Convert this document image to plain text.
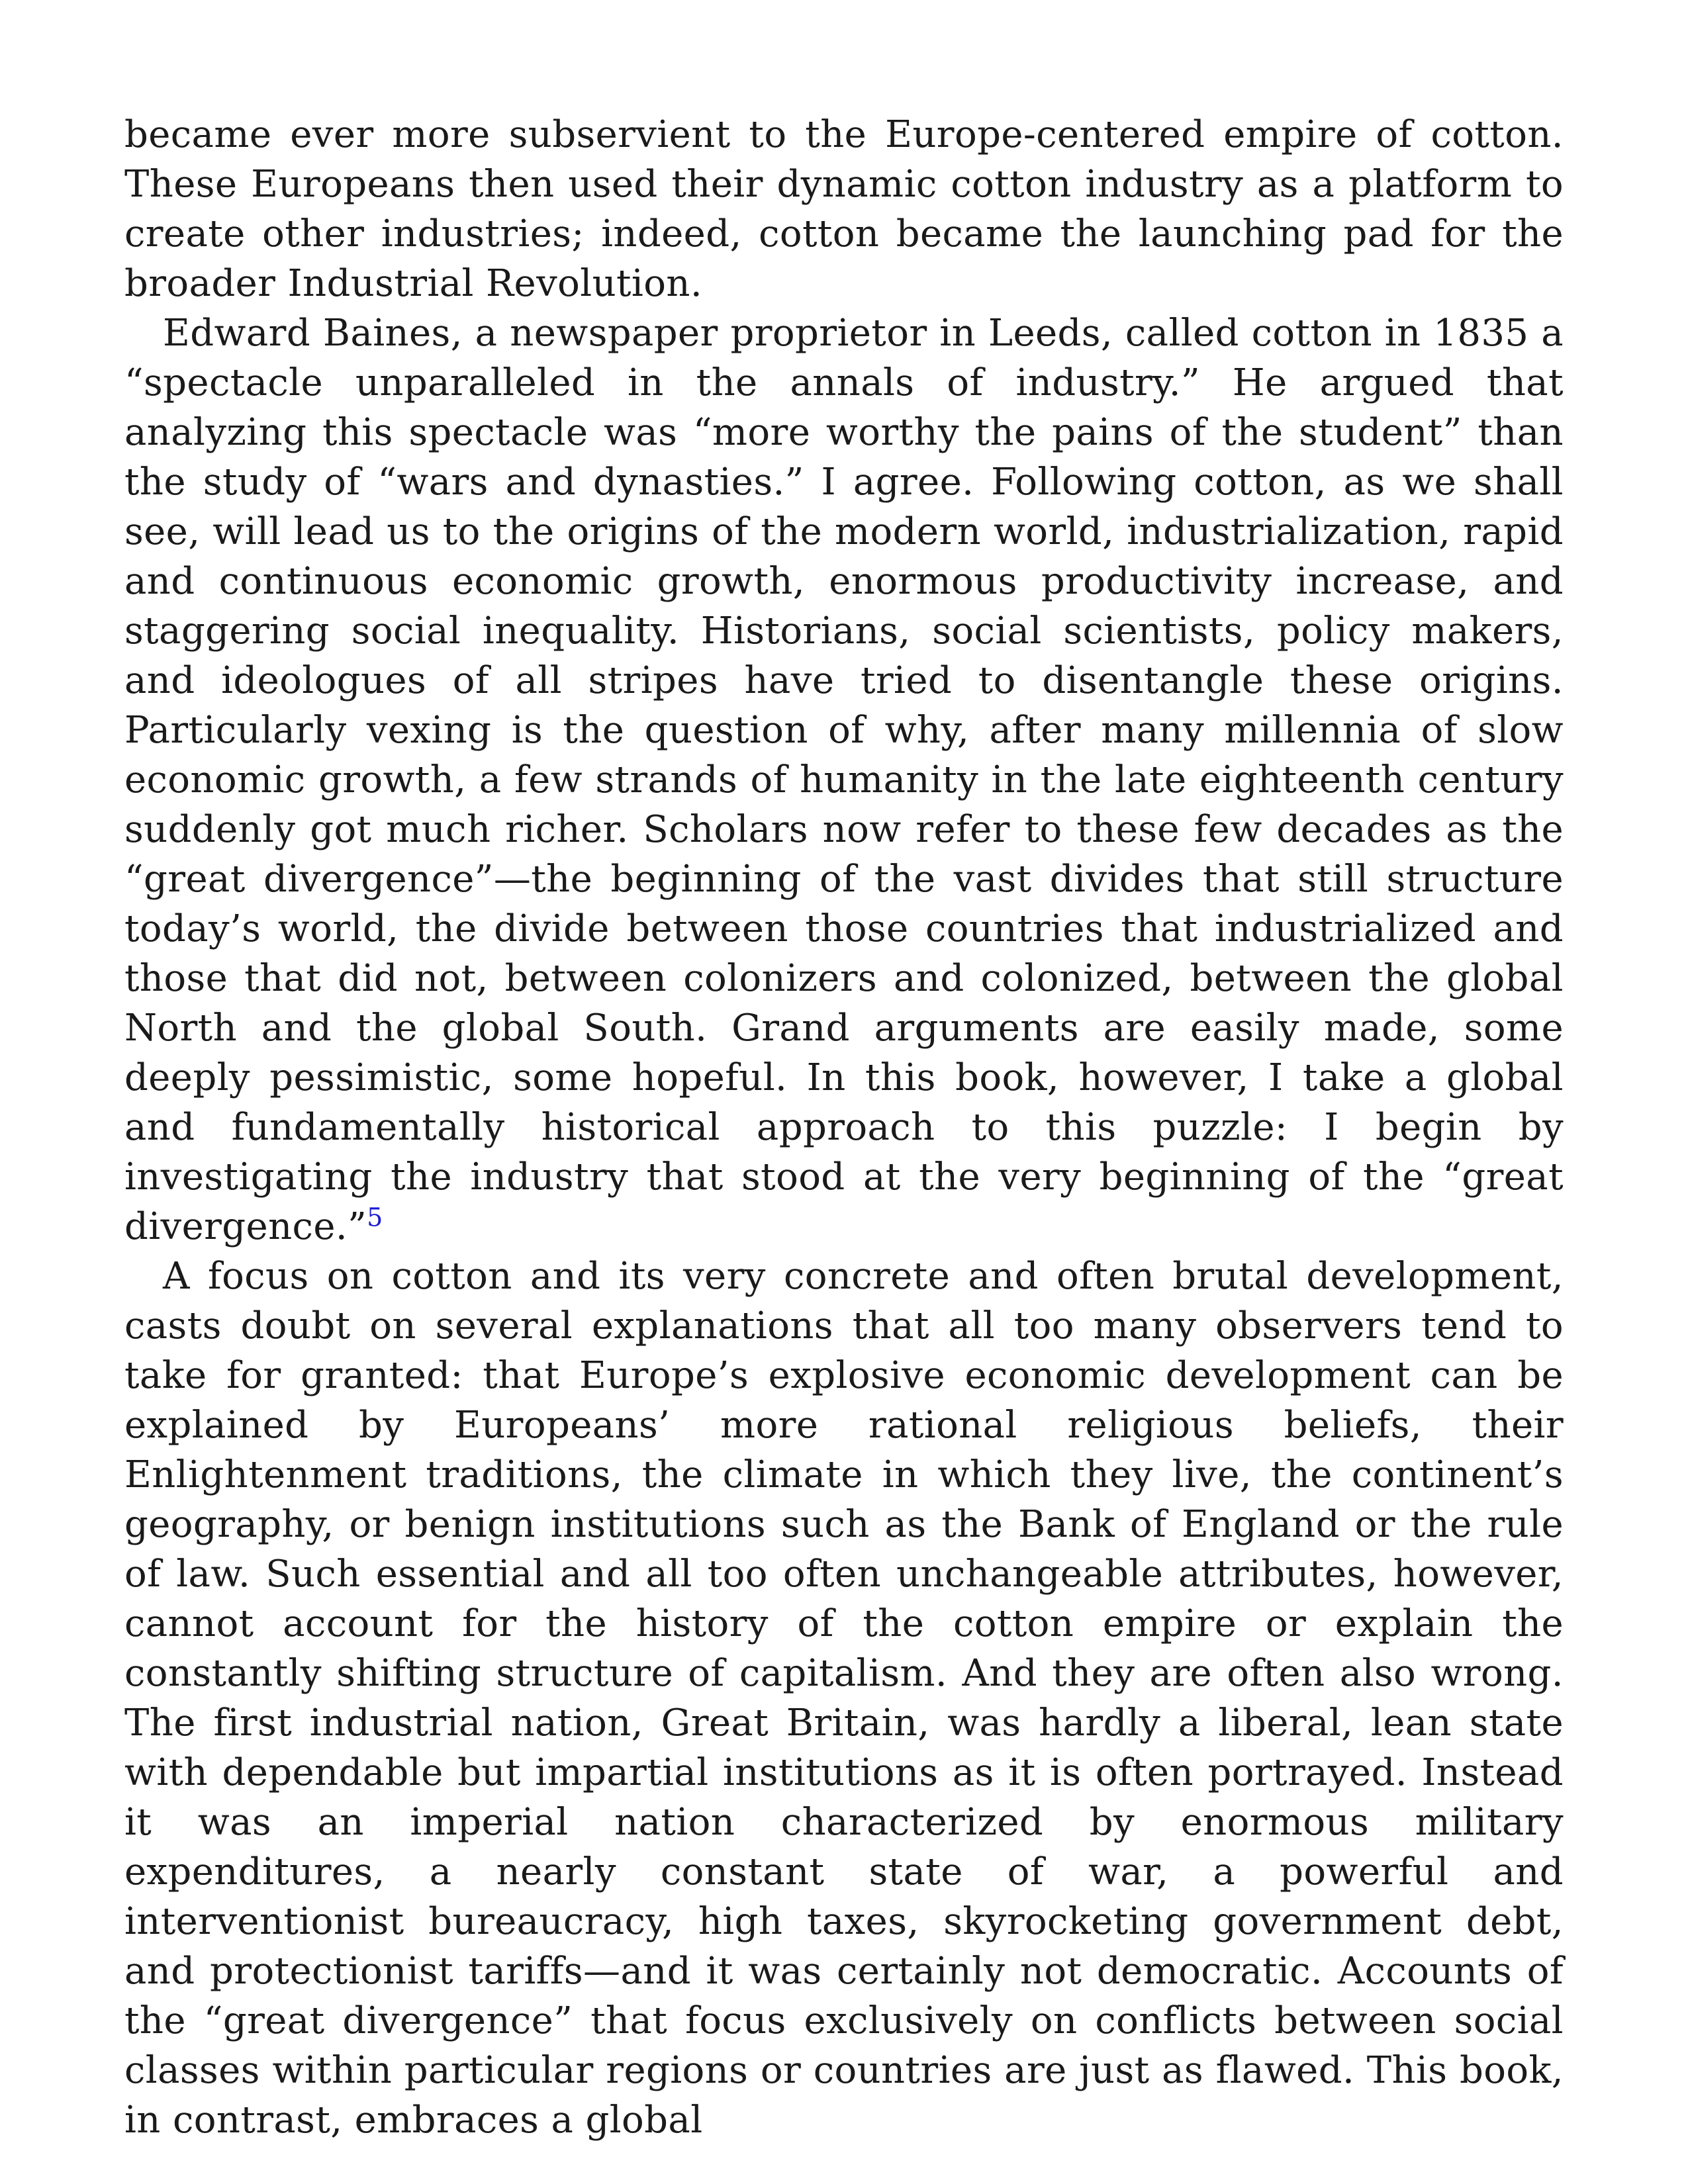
became ever more subservient to the Europe-centered empire of cotton. These Europeans then used their dynamic cotton industry as a platform to create other industries; indeed, cotton became the launching pad for the broader Industrial Revolution.

Edward Baines, a newspaper proprietor in Leeds, called cotton in 1835 a “spectacle unparalleled in the annals of industry.” He argued that analyzing this spectacle was “more worthy the pains of the student” than the study of “wars and dynasties.” I agree. Following cotton, as we shall see, will lead us to the origins of the modern world, industrialization, rapid and continuous economic growth, enormous productivity increase, and staggering social inequality. Historians, social scientists, policy makers, and ideologues of all stripes have tried to disentangle these origins. Particularly vexing is the question of why, after many millennia of slow economic growth, a few strands of humanity in the late eighteenth century suddenly got much richer. Scholars now refer to these few decades as the “great divergence”—the beginning of the vast divides that still structure today’s world, the divide between those countries that industrialized and those that did not, between colonizers and colonized, between the global North and the global South. Grand arguments are easily made, some deeply pessimistic, some hopeful. In this book, however, I take a global and fundamentally historical approach to this puzzle: I begin by investigating the industry that stood at the very beginning of the “great divergence.”$^5$

A focus on cotton and its very concrete and often brutal development, casts doubt on several explanations that all too many observers tend to take for granted: that Europe’s explosive economic development can be explained by Europeans’ more rational religious beliefs, their Enlightenment traditions, the climate in which they live, the continent’s geography, or benign institutions such as the Bank of England or the rule of law. Such essential and all too often unchangeable attributes, however, cannot account for the history of the cotton empire or explain the constantly shifting structure of capitalism. And they are often also wrong. The first industrial nation, Great Britain, was hardly a liberal, lean state with dependable but impartial institutions as it is often portrayed. Instead it was an imperial nation characterized by enormous military expenditures, a nearly constant state of war, a powerful and interventionist bureaucracy, high taxes, skyrocketing government debt, and protectionist tariffs—and it was certainly not democratic. Accounts of the “great divergence” that focus exclusively on conflicts between social classes within particular regions or countries are just as flawed. This book, in contrast, embraces a global
